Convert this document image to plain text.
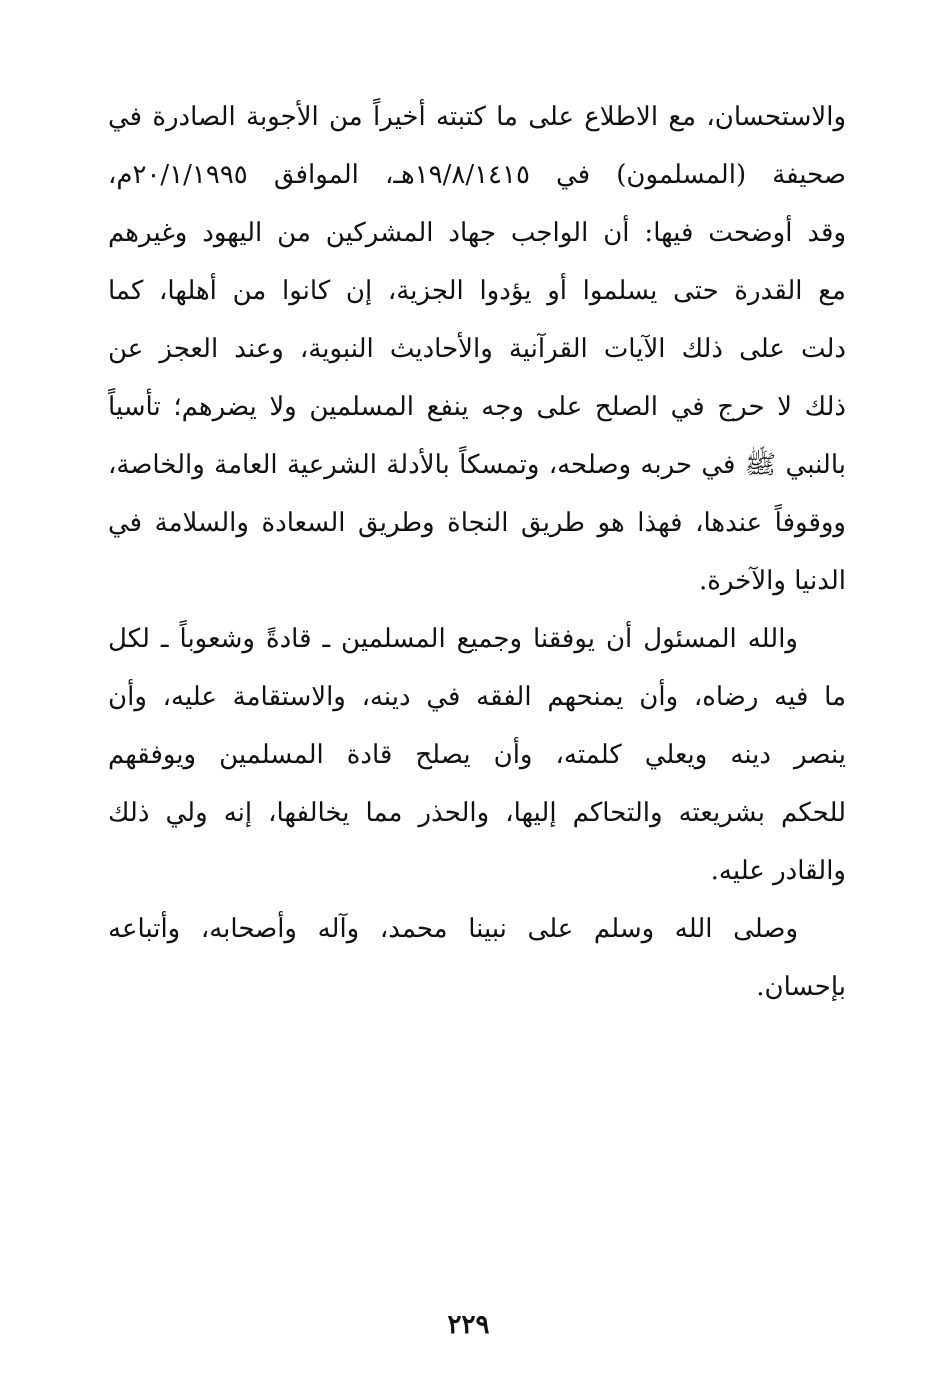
والاستحسان، مع الاطلاع على ما كتبته أخيراً من الأجوبة الصادرة في
صحيفة (المسلمون) في ١٩/٨/١٤١٥هـ، الموافق ٢٠/١/١٩٩٥م،
وقد أوضحت فيها: أن الواجب جهاد المشركين من اليهود وغيرهم
مع القدرة حتى يسلموا أو يؤدوا الجزية، إن كانوا من أهلها، كما
دلت على ذلك الآيات القرآنية والأحاديث النبوية، وعند العجز عن
ذلك لا حرج في الصلح على وجه ينفع المسلمين ولا يضرهم؛ تأسياً
بالنبي ﷺ في حربه وصلحه، وتمسكاً بالأدلة الشرعية العامة والخاصة،
ووقوفاً عندها، فهذا هو طريق النجاة وطريق السعادة والسلامة في
الدنيا والآخرة.
والله المسئول أن يوفقنا وجميع المسلمين ـ قادةً وشعوباً ـ لكل
ما فيه رضاه، وأن يمنحهم الفقه في دينه، والاستقامة عليه، وأن
ينصر دينه ويعلي كلمته، وأن يصلح قادة المسلمين ويوفقهم
للحكم بشريعته والتحاكم إليها، والحذر مما يخالفها، إنه ولي ذلك
والقادر عليه.
وصلى الله وسلم على نبينا محمد، وآله وأصحابه، وأتباعه
بإحسان.
٢٢٩
